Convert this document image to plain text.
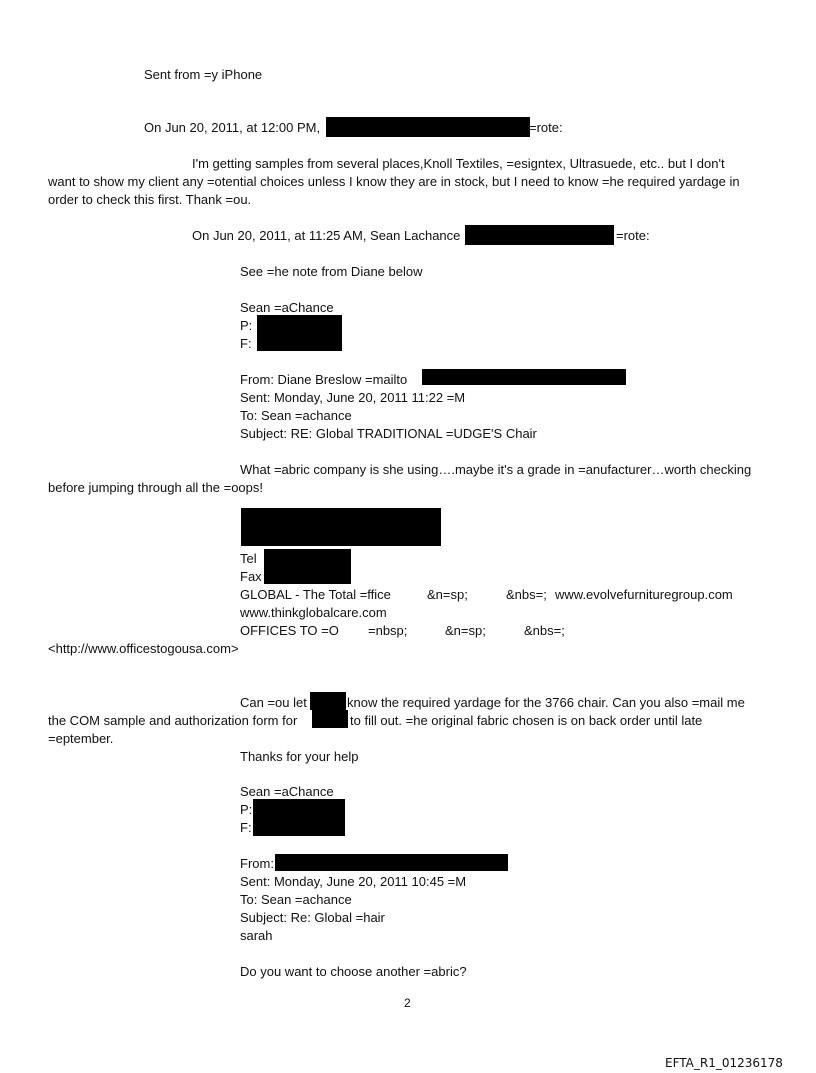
Sent from =y iPhone
On Jun 20, 2011, at 12:00 PM,	=rote:
I'm getting samples from several places,Knoll Textiles, =esigntex, Ultrasuede, etc.. but I don't
want to show my client any =otential choices unless I know they are in stock, but I need to know =he required yardage in
order to check this first. Thank =ou.
On Jun 20, 2011, at 11:25 AM, Sean Lachance	=rote:
See =he note from Diane below
Sean =aChance
P:
F:
From: Diane Breslow =mailto
Sent: Monday, June 20, 2011 11:22 =M
To: Sean =achance
Subject: RE: Global TRADITIONAL =UDGE'S Chair
What =abric company is she using….maybe it's a grade in =anufacturer…worth checking
before jumping through all the =oops!
Tel
Fax
GLOBAL - The Total =ffice	&n=sp;	&nbs=; www.evolvefurnituregroup.com
www.thinkglobalcare.com
OFFICES TO =O =nbsp;	&n=sp;	&nbs=;
<http://www.officestogousa.com>
Can =ou let	know the required yardage for the 3766 chair. Can you also =mail me
the COM sample and authorization form for	to fill out. =he original fabric chosen is on back order until late
=eptember.
Thanks for your help
Sean =aChance
P:
F:
From:
Sent: Monday, June 20, 2011 10:45 =M
To: Sean =achance
Subject: Re: Global =hair
sarah
Do you want to choose another =abric?
2
EFTA_R1_01236178
